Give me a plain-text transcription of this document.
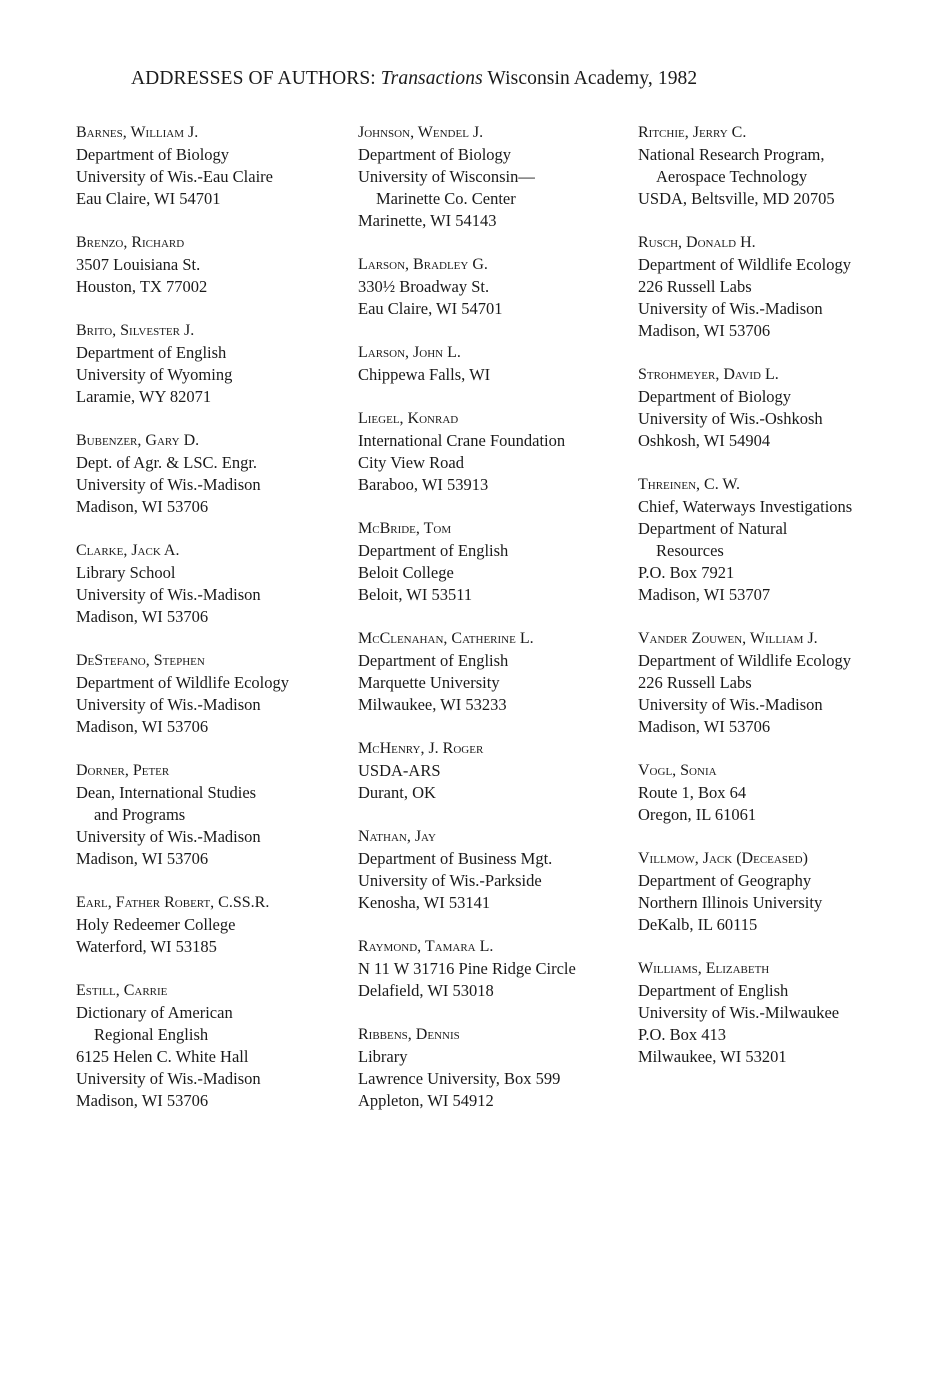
ADDRESSES OF AUTHORS: Transactions Wisconsin Academy, 1982
Barnes, William J.
Department of Biology
University of Wis.-Eau Claire
Eau Claire, WI 54701
Brenzo, Richard
3507 Louisiana St.
Houston, TX 77002
Brito, Silvester J.
Department of English
University of Wyoming
Laramie, WY 82071
Bubenzer, Gary D.
Dept. of Agr. & LSC. Engr.
University of Wis.-Madison
Madison, WI 53706
Clarke, Jack A.
Library School
University of Wis.-Madison
Madison, WI 53706
DeStefano, Stephen
Department of Wildlife Ecology
University of Wis.-Madison
Madison, WI 53706
Dorner, Peter
Dean, International Studies
and Programs
University of Wis.-Madison
Madison, WI 53706
Earl, Father Robert, C.SS.R.
Holy Redeemer College
Waterford, WI 53185
Estill, Carrie
Dictionary of American
Regional English
6125 Helen C. White Hall
University of Wis.-Madison
Madison, WI 53706
Johnson, Wendel J.
Department of Biology
University of Wisconsin—
Marinette Co. Center
Marinette, WI 54143
Larson, Bradley G.
330½ Broadway St.
Eau Claire, WI 54701
Larson, John L.
Chippewa Falls, WI
Liegel, Konrad
International Crane Foundation
City View Road
Baraboo, WI 53913
McBride, Tom
Department of English
Beloit College
Beloit, WI 53511
McClenahan, Catherine L.
Department of English
Marquette University
Milwaukee, WI 53233
McHenry, J. Roger
USDA-ARS
Durant, OK
Nathan, Jay
Department of Business Mgt.
University of Wis.-Parkside
Kenosha, WI 53141
Raymond, Tamara L.
N 11 W 31716 Pine Ridge Circle
Delafield, WI 53018
Ribbens, Dennis
Library
Lawrence University, Box 599
Appleton, WI 54912
Ritchie, Jerry C.
National Research Program,
Aerospace Technology
USDA, Beltsville, MD 20705
Rusch, Donald H.
Department of Wildlife Ecology
226 Russell Labs
University of Wis.-Madison
Madison, WI 53706
Strohmeyer, David L.
Department of Biology
University of Wis.-Oshkosh
Oshkosh, WI 54904
Threinen, C. W.
Chief, Waterways Investigations
Department of Natural
Resources
P.O. Box 7921
Madison, WI 53707
Vander Zouwen, William J.
Department of Wildlife Ecology
226 Russell Labs
University of Wis.-Madison
Madison, WI 53706
Vogl, Sonia
Route 1, Box 64
Oregon, IL 61061
Villmow, Jack (Deceased)
Department of Geography
Northern Illinois University
DeKalb, IL 60115
Williams, Elizabeth
Department of English
University of Wis.-Milwaukee
P.O. Box 413
Milwaukee, WI 53201
